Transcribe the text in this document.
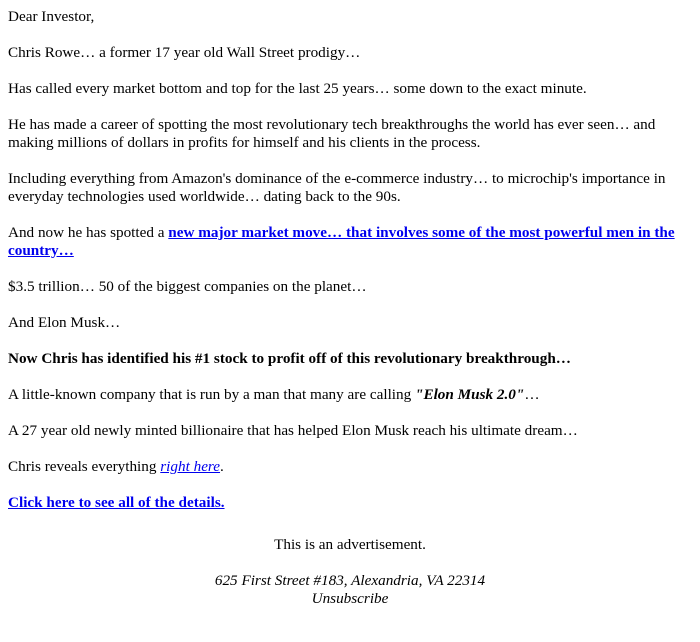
Dear Investor,

Chris Rowe… a former 17 year old Wall Street prodigy…

Has called every market bottom and top for the last 25 years… some down to the exact minute.

He has made a career of spotting the most revolutionary tech breakthroughs the world has ever seen… and making millions of dollars in profits for himself and his clients in the process.

Including everything from Amazon's dominance of the e-commerce industry… to microchip's importance in everyday technologies used worldwide… dating back to the 90s.

And now he has spotted a new major market move… that involves some of the most powerful men in the country…

$3.5 trillion… 50 of the biggest companies on the planet…

And Elon Musk…

Now Chris has identified his #1 stock to profit off of this revolutionary breakthrough…

A little-known company that is run by a man that many are calling "Elon Musk 2.0"…

A 27 year old newly minted billionaire that has helped Elon Musk reach his ultimate dream…

Chris reveals everything right here.

Click here to see all of the details.

This is an advertisement.

625 First Street #183, Alexandria, VA 22314

Unsubscribe
